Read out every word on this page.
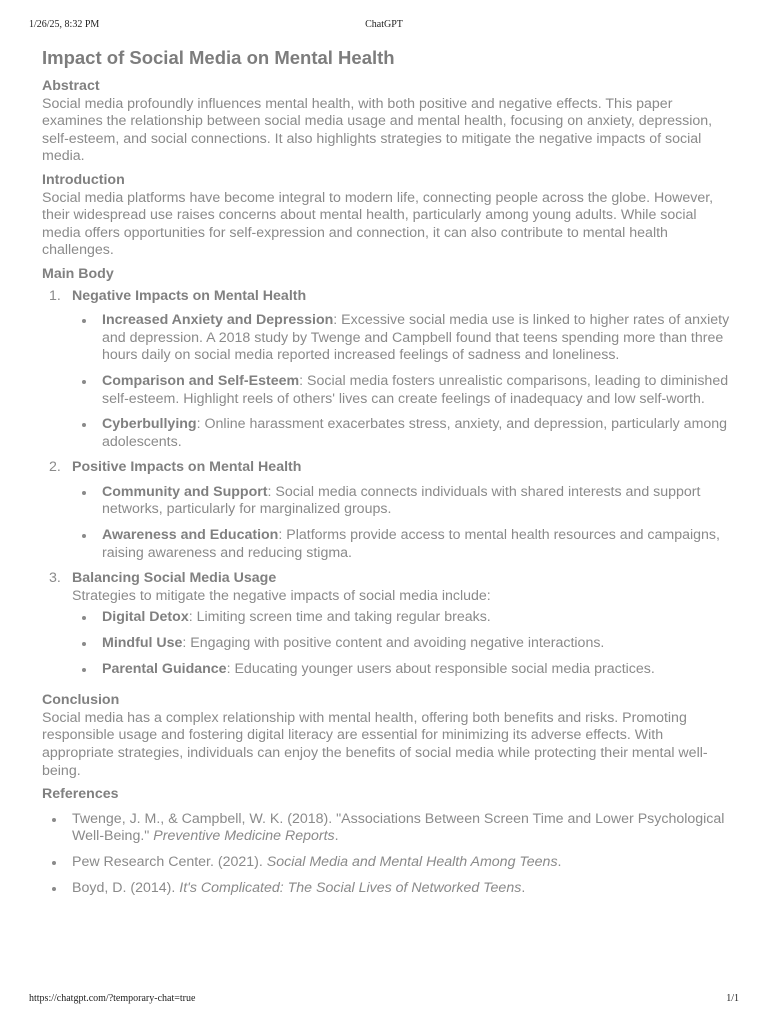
1/26/25, 8:32 PM	ChatGPT
Impact of Social Media on Mental Health
Abstract

Social media profoundly influences mental health, with both positive and negative effects. This paper examines the relationship between social media usage and mental health, focusing on anxiety, depression, self-esteem, and social connections. It also highlights strategies to mitigate the negative impacts of social media.

Introduction

Social media platforms have become integral to modern life, connecting people across the globe. However, their widespread use raises concerns about mental health, particularly among young adults. While social media offers opportunities for self-expression and connection, it can also contribute to mental health challenges.

Main Body
1. Negative Impacts on Mental Health
Increased Anxiety and Depression: Excessive social media use is linked to higher rates of anxiety and depression. A 2018 study by Twenge and Campbell found that teens spending more than three hours daily on social media reported increased feelings of sadness and loneliness.
Comparison and Self-Esteem: Social media fosters unrealistic comparisons, leading to diminished self-esteem. Highlight reels of others' lives can create feelings of inadequacy and low self-worth.
Cyberbullying: Online harassment exacerbates stress, anxiety, and depression, particularly among adolescents.
2. Positive Impacts on Mental Health
Community and Support: Social media connects individuals with shared interests and support networks, particularly for marginalized groups.
Awareness and Education: Platforms provide access to mental health resources and campaigns, raising awareness and reducing stigma.
3. Balancing Social Media Usage
Strategies to mitigate the negative impacts of social media include:
Digital Detox: Limiting screen time and taking regular breaks.
Mindful Use: Engaging with positive content and avoiding negative interactions.
Parental Guidance: Educating younger users about responsible social media practices.
Conclusion

Social media has a complex relationship with mental health, offering both benefits and risks. Promoting responsible usage and fostering digital literacy are essential for minimizing its adverse effects. With appropriate strategies, individuals can enjoy the benefits of social media while protecting their mental well-being.

References
Twenge, J. M., & Campbell, W. K. (2018). "Associations Between Screen Time and Lower Psychological Well-Being." Preventive Medicine Reports.
Pew Research Center. (2021). Social Media and Mental Health Among Teens.
Boyd, D. (2014). It's Complicated: The Social Lives of Networked Teens.
https://chatgpt.com/?temporary-chat=true	1/1
